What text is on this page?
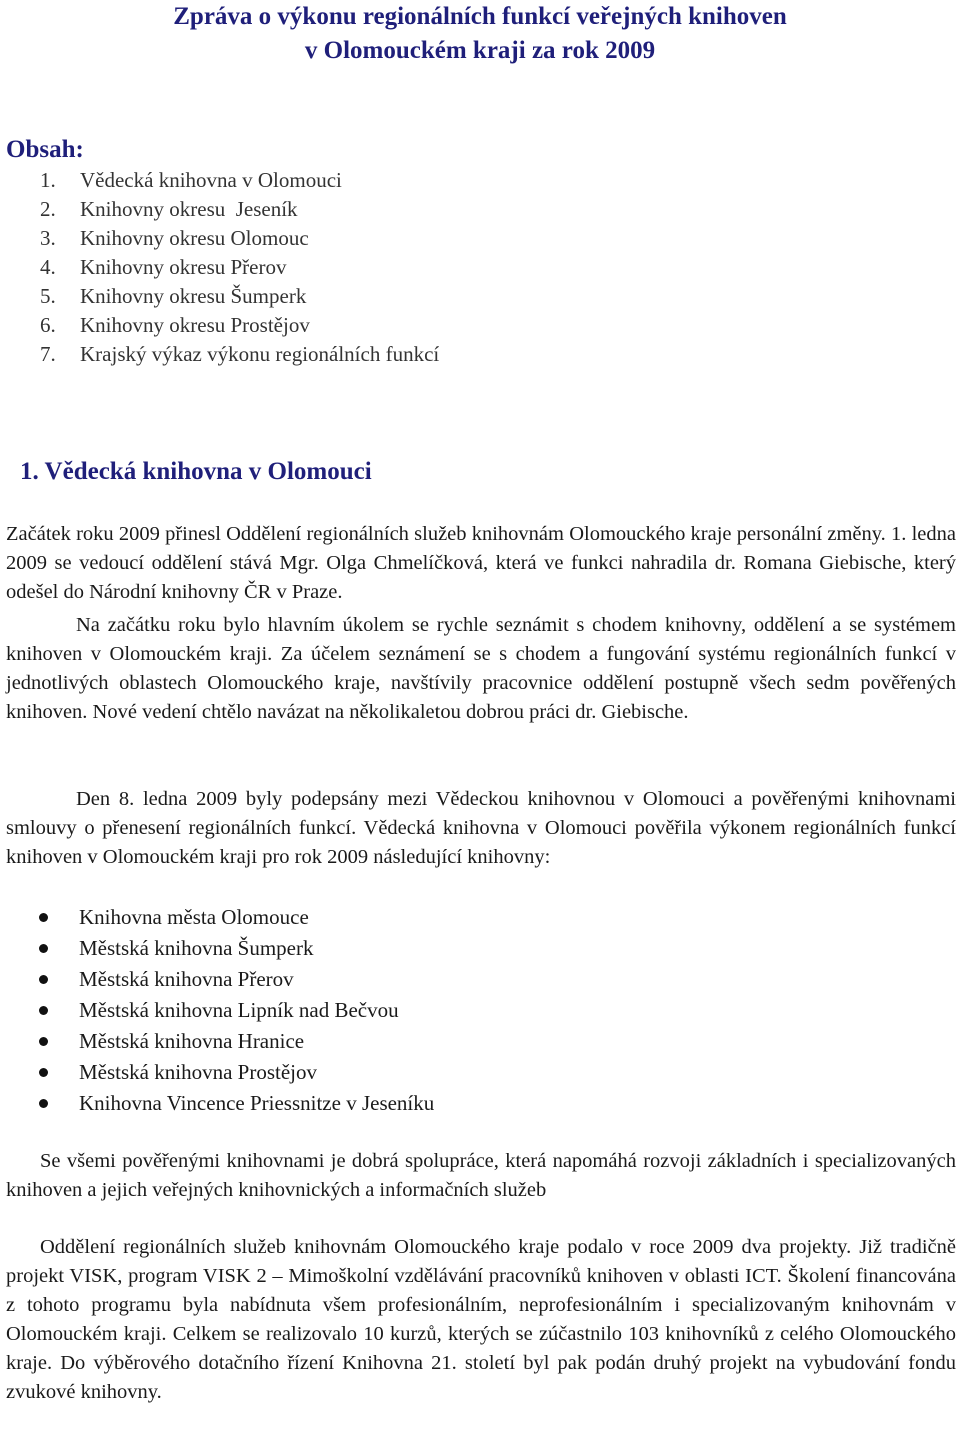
Zpráva o výkonu regionálních funkcí veřejných knihoven
v Olomouckém kraji za rok 2009
Obsah:
1.	Vědecká knihovna v Olomouci
2.	Knihovny okresu  Jeseník
3.	Knihovny okresu Olomouc
4.	Knihovny okresu Přerov
5.	Knihovny okresu Šumperk
6.	Knihovny okresu Prostějov
7.	Krajský výkaz výkonu regionálních funkcí
1. Vědecká knihovna v Olomouci
Začátek roku 2009 přinesl Oddělení regionálních služeb knihovnám Olomouckého kraje personální změny. 1. ledna 2009 se vedoucí oddělení stává Mgr. Olga Chmelíčková, která ve funkci nahradila dr. Romana Giebische, který odešel do Národní knihovny ČR v Praze.
Na začátku roku bylo hlavním úkolem se rychle seznámit s chodem knihovny, oddělení a se systémem knihoven v Olomouckém kraji. Za účelem seznámení se s chodem a fungování systému regionálních funkcí v jednotlivých oblastech Olomouckého kraje, navštívily pracovnice oddělení postupně všech sedm pověřených knihoven. Nové vedení chtělo navázat na několikaletou dobrou práci dr. Giebische.
Den 8. ledna 2009 byly podepsány mezi Vědeckou knihovnou v Olomouci a pověřenými knihovnami smlouvy o přenesení regionálních funkcí. Vědecká knihovna v Olomouci pověřila výkonem regionálních funkcí knihoven v Olomouckém kraji pro rok 2009 následující knihovny:
Knihovna města Olomouce
Městská knihovna Šumperk
Městská knihovna Přerov
Městská knihovna Lipník nad Bečvou
Městská knihovna Hranice
Městská knihovna Prostějov
Knihovna Vincence Priessnitze v Jeseníku
Se všemi pověřenými knihovnami je dobrá spolupráce, která napomáhá rozvoji základních i specializovaných knihoven a jejich veřejných knihovnických a informačních služeb
Oddělení regionálních služeb knihovnám Olomouckého kraje podalo v roce 2009 dva projekty. Již tradičně projekt VISK, program VISK 2 – Mimoškolní vzdělávání pracovníků knihoven v oblasti ICT. Školení financována z tohoto programu byla nabídnuta všem profesionálním, neprofesionálním i specializovaným knihovnám v Olomouckém kraji. Celkem se realizovalo 10 kurzů, kterých se zúčastnilo 103 knihovníků z celého Olomouckého kraje. Do výběrového dotačního řízení Knihovna 21. století byl pak podán druhý projekt na vybudování fondu zvukové knihovny.
